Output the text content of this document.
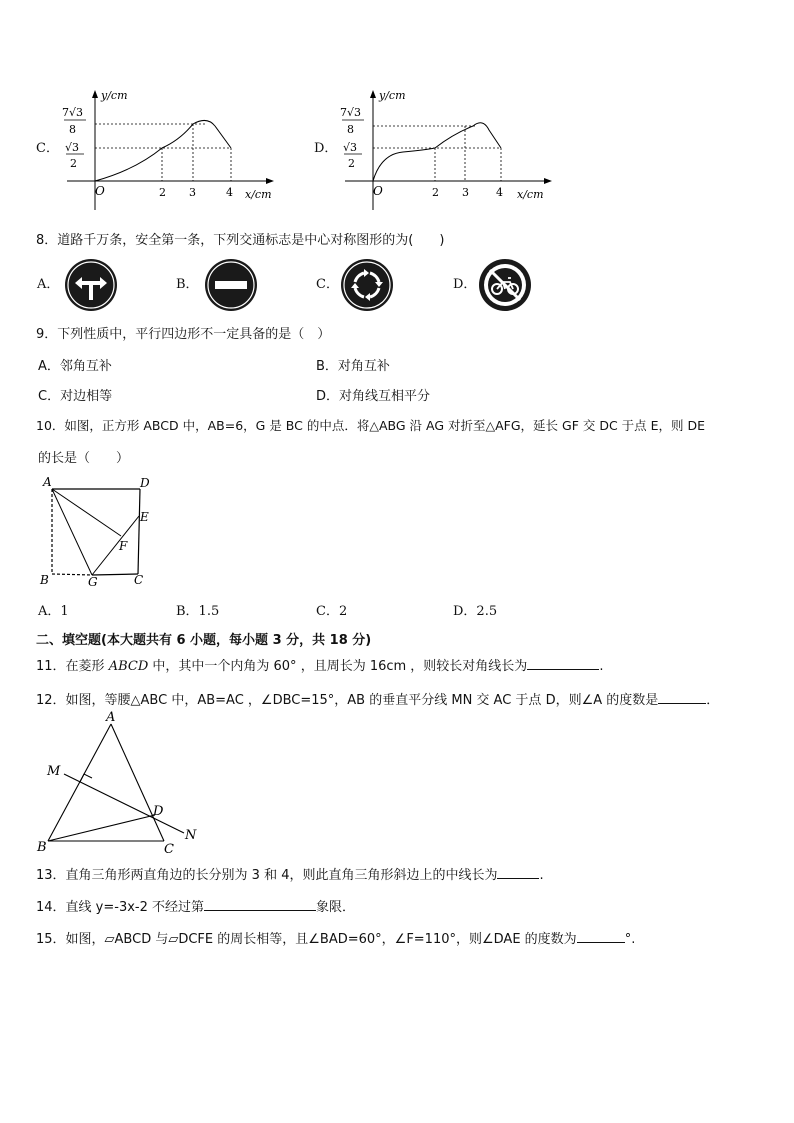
C．
y/cm
x/cm
O
7√3
8
√3
2
2 3	4
D．
y/cm
x/cm
O
7√3
8
√3
2
2 3 4
8．道路千万条，安全第一条，下列交通标志是中心对称图形的为(　　)
A．	B．	C．	D．
9．下列性质中，平行四边形不一定具备的是（　）
A．邻角互补	B．对角互补
C．对边相等	D．对角线互相平分
10．如图，正方形 ABCD 中，AB=6，G 是 BC 的中点．将△ABG 沿 AG 对折至△AFG，延长 GF 交 DC 于点 E，则 DE
的长是（　　）
A	D
E
F
B	G	C
A．1	B．1.5	C．2	D．2.5
二、填空题(本大题共有 6 小题，每小题 3 分，共 18 分)
11．在菱形 ABCD 中，其中一个内角为 60° ，且周长为 16cm ，则较长对角线长为	.
12．如图，等腰△ABC 中，AB=AC ，∠DBC=15°，AB 的垂直平分线 MN 交 AC 于点 D，则∠A 的度数是	．
A
M
D
N
B	C
13．直角三角形两直角边的长分别为 3 和 4，则此直角三角形斜边上的中线长为	.
14．直线 y=-3x-2 不经过第	象限．
15．如图，▱ABCD 与▱DCFE 的周长相等，且∠BAD=60°，∠F=110°，则∠DAE 的度数为	°.
